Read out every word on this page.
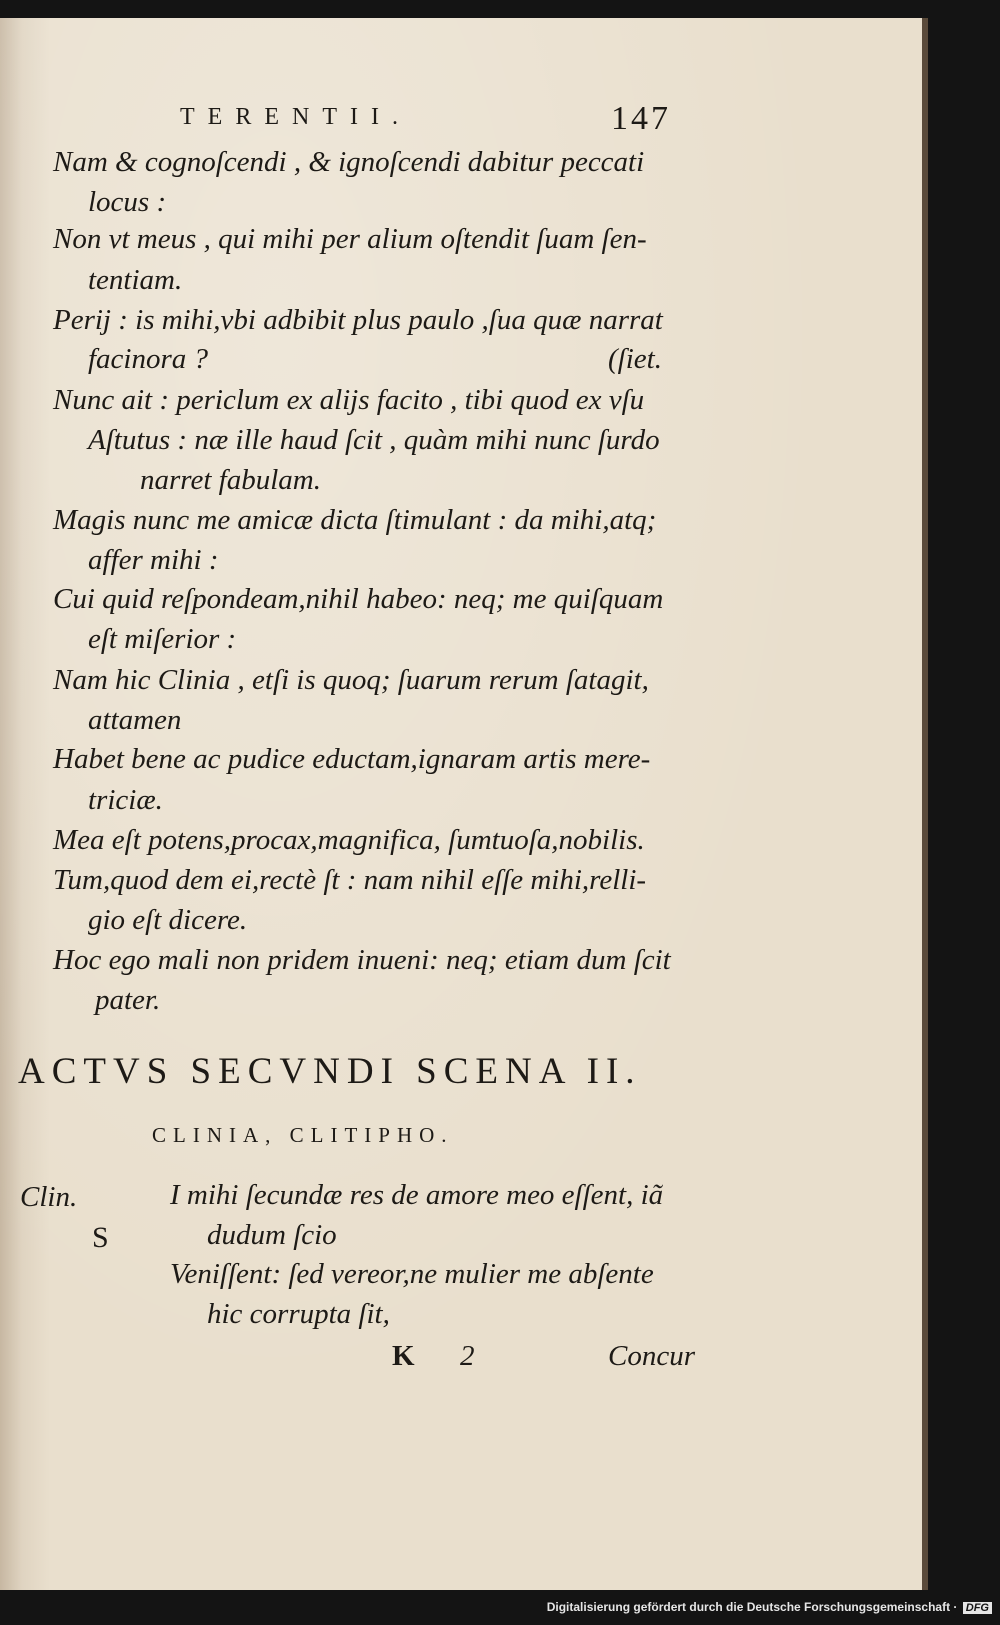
TERENTII.	147
Nam & cognoſcendi , & ignoſcendi dabitur peccati
locus :
Non vt meus , qui mihi per alium oſtendit ſuam ſen-
tentiam.
Perij : is mihi,vbi adbibit plus paulo ,ſua quæ narrat
facinora ?	(ſiet.
Nunc ait : periclum ex aliјs facito , tibi quod ex vſu
Aſtutus : næ ille haud ſcit , quàm mihi nunc ſurdo
narret fabulam.
Magis nunc me amicæ dicta ſtimulant : da mihi,atq;
affer mihi :
Cui quid reſpondeam,nihil habeo: neq; me quiſquam
eſt miſerior :
Nam hic Clinia , etſi is quoq; ſuarum rerum ſatagit,
attamen
Habet bene ac pudice eductam,ignaram artis mere-
triciæ.
Mea eſt potens,procax,magnifica, ſumtuoſa,nobilis.
Tum,quod dem ei,rectè ſt : nam nihil eſſe mihi,relli-
gio eſt dicere.
Hoc ego mali non pridem inueni: neq; etiam dum ſcit
pater.
ACTVS SECVNDI SCENA II.
CLINIA, CLITIPHO.
Clin.
S
I mihi ſecundæ res de amore meo eſſent, iã
dudum ſcio
Veniſſent: ſed vereor,ne mulier me abſente
hic corrupta ſit,
K 2	Concur
Digitalisierung gefördert durch die Deutsche Forschungsgemeinschaft · DFG
